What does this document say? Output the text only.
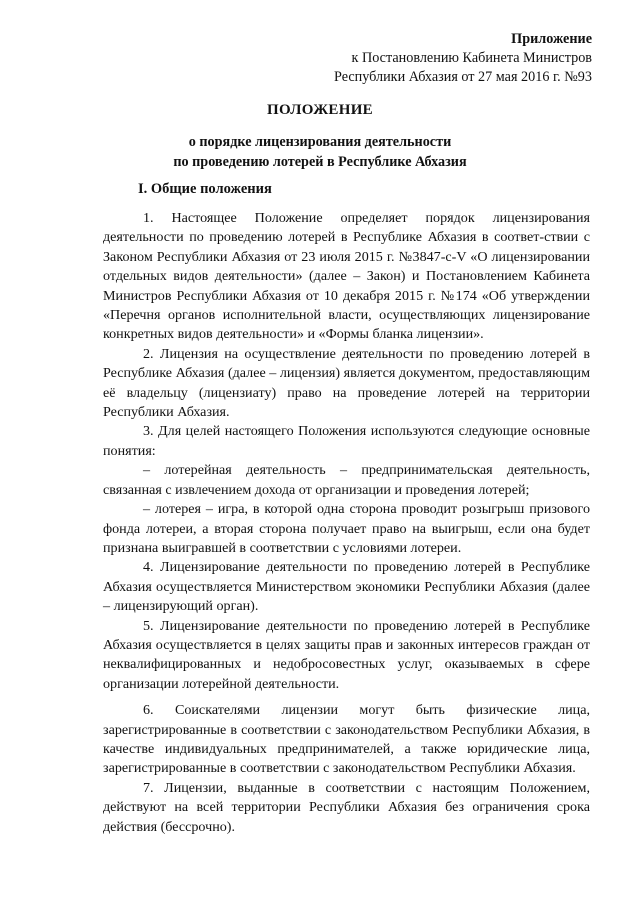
Приложение
к Постановлению Кабинета Министров
Республики Абхазия от 27 мая 2016 г. №93
ПОЛОЖЕНИЕ
о порядке лицензирования деятельности
по проведению лотерей в Республике Абхазия
I. Общие положения

1. Настоящее Положение определяет порядок лицензирования деятельности по проведению лотерей в Республике Абхазия в соответ-ствии с Законом Республики Абхазия от 23 июля 2015 г. №3847-с-V «О лицензировании отдельных видов деятельности» (далее – Закон) и Постановлением Кабинета Министров Республики Абхазия от 10 декабря 2015 г. №174 «Об утверждении «Перечня органов исполнительной власти, осуществляющих лицензирование конкретных видов деятельности» и «Формы бланка лицензии».

2. Лицензия на осуществление деятельности по проведению лотерей в Республике Абхазия (далее – лицензия) является документом, предоставляющим её владельцу (лицензиату) право на проведение лотерей на территории Республики Абхазия.

3. Для целей настоящего Положения используются следующие основные понятия:

– лотерейная деятельность – предпринимательская деятельность, связанная с извлечением дохода от организации и проведения лотерей;

– лотерея – игра, в которой одна сторона проводит розыгрыш призового фонда лотереи, а вторая сторона получает право на выигрыш, если она будет признана выигравшей в соответствии с условиями лотереи.

4. Лицензирование деятельности по проведению лотерей в Республике Абхазия осуществляется Министерством экономики Республики Абхазия (далее – лицензирующий орган).

5. Лицензирование деятельности по проведению лотерей в Республике Абхазия осуществляется в целях защиты прав и законных интересов граждан от неквалифицированных и недобросовестных услуг, оказываемых в сфере организации лотерейной деятельности.

6. Соискателями лицензии могут быть физические лица, зарегистрированные в соответствии с законодательством Республики Абхазия, в качестве индивидуальных предпринимателей, а также юридические лица, зарегистрированные в соответствии с законодательством Республики Абхазия.

7. Лицензии, выданные в соответствии с настоящим Положением, действуют на всей территории Республики Абхазия без ограничения срока действия (бессрочно).
